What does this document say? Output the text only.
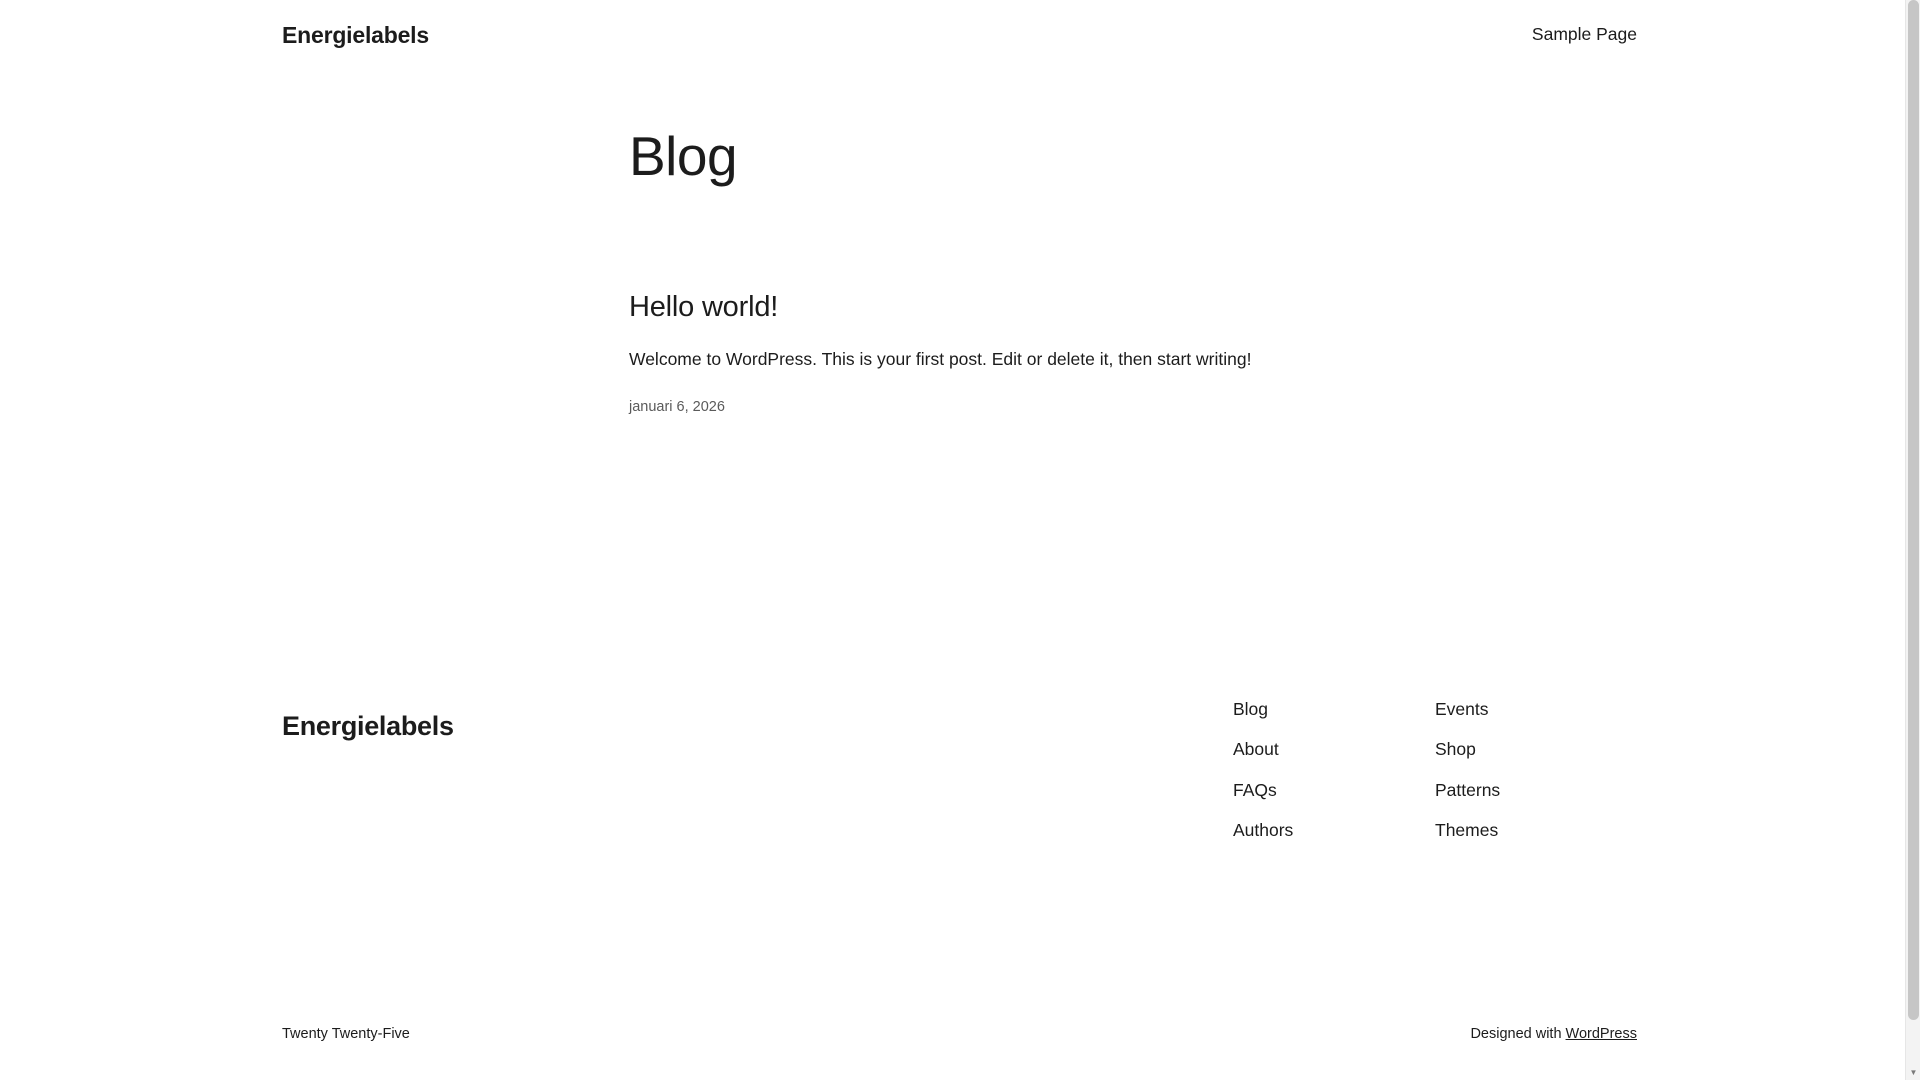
Energielabels	Sample Page
Blog
Hello world!

Welcome to WordPress. This is your first post. Edit or delete it, then start writing!

januari 6, 2026

Energielabels
Blog
About
FAQs
Authors
Events
Shop
Patterns
Themes
Twenty Twenty-Five	Designed with WordPress
▼
